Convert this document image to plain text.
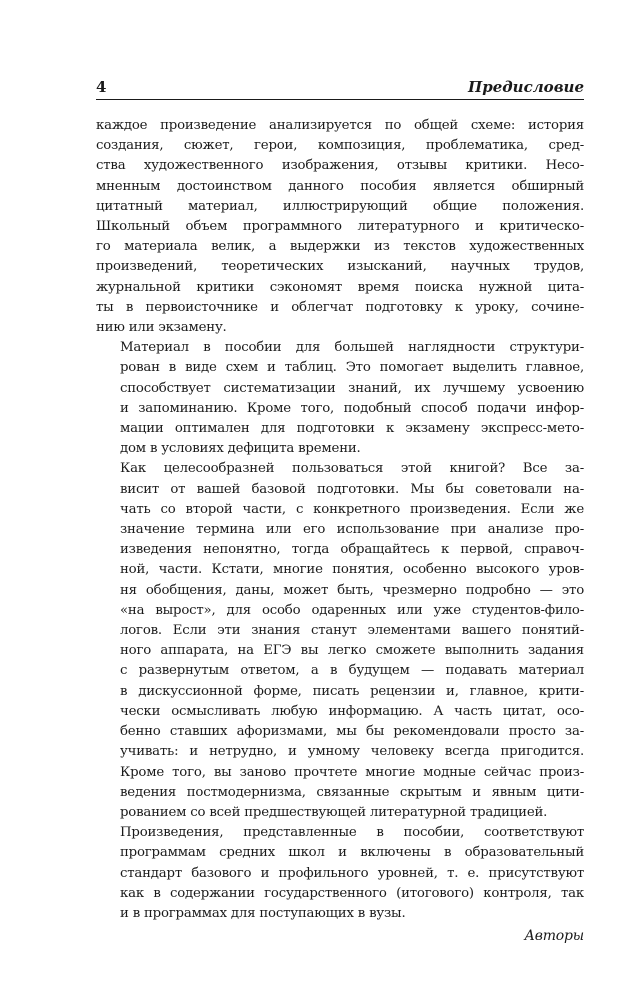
4	Предисловие

каждое произведение анализируется по общей схеме: история
создания, сюжет, герои, композиция, проблематика, сред-
ства художественного изображения, отзывы критики. Несо-
мненным достоинством данного пособия является обширный
цитатный материал, иллюстрирующий общие положения.
Школьный объем программного литературного и критическо-
го материала велик, а выдержки из текстов художественных
произведений, теоретических изысканий, научных трудов,
журнальной критики сэкономят время поиска нужной цита-
ты в первоисточнике и облегчат подготовку к уроку, сочине-
нию или экзамену.

Материал в пособии для большей наглядности структури-
рован в виде схем и таблиц. Это помогает выделить главное,
способствует систематизации знаний, их лучшему усвоению
и запоминанию. Кроме того, подобный способ подачи инфор-
мации оптимален для подготовки к экзамену экспресс-мето-
дом в условиях дефицита времени.

Как целесообразней пользоваться этой книгой? Все за-
висит от вашей базовой подготовки. Мы бы советовали на-
чать со второй части, с конкретного произведения. Если же
значение термина или его использование при анализе про-
изведения непонятно, тогда обращайтесь к первой, справоч-
ной, части. Кстати, многие понятия, особенно высокого уров-
ня обобщения, даны, может быть, чрезмерно подробно — это
«на вырост», для особо одаренных или уже студентов-фило-
логов. Если эти знания станут элементами вашего понятий-
ного аппарата, на ЕГЭ вы легко сможете выполнить задания
с развернутым ответом, а в будущем — подавать материал
в дискуссионной форме, писать рецензии и, главное, крити-
чески осмысливать любую информацию. А часть цитат, осо-
бенно ставших афоризмами, мы бы рекомендовали просто за-
учивать: и нетрудно, и умному человеку всегда пригодится.
Кроме того, вы заново прочтете многие модные сейчас произ-
ведения постмодернизма, связанные скрытым и явным цити-
рованием со всей предшествующей литературной традицией.

Произведения, представленные в пособии, соответствуют
программам средних школ и включены в образовательный
стандарт базового и профильного уровней, т. е. присутствуют
как в содержании государственного (итогового) контроля, так
и в программах для поступающих в вузы.

Авторы
